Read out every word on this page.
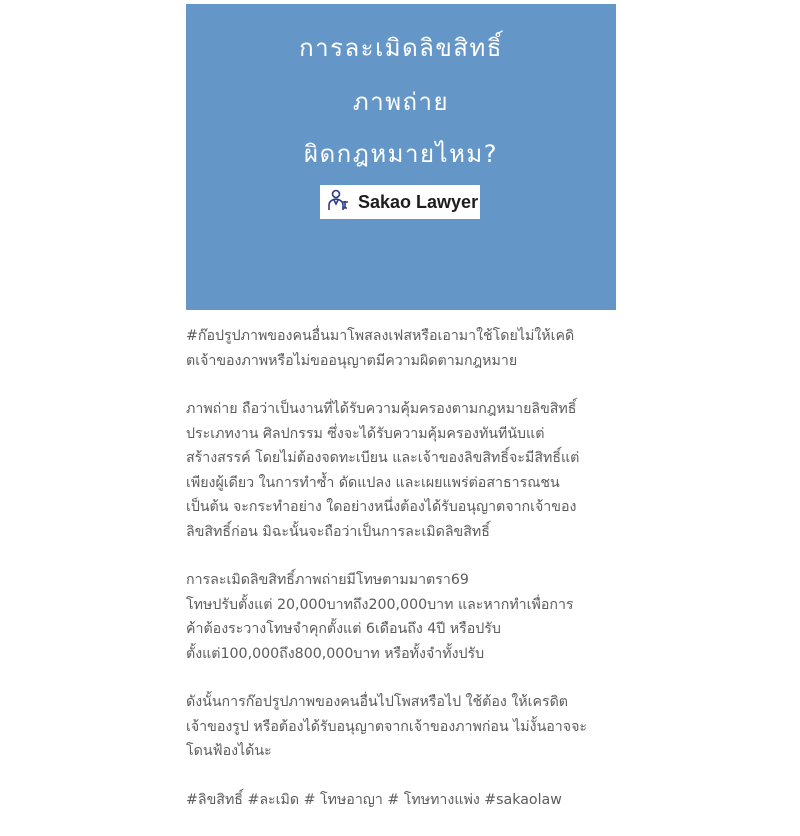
การละเมิดลิขสิทธิ์
ภาพถ่าย
ผิดกฎหมายไหม?
Sakao Lawyer

#ก๊อปรูปภาพของคนอื่นมาโพสลงเฟสหรือเอามาใช้โดยไม่ให้เคดิ
ตเจ้าของภาพหรือไม่ขออนุญาตมีความผิดตามกฎหมาย

ภาพถ่าย ถือว่าเป็นงานที่ได้รับความคุ้มครองตามกฎหมายลิขสิทธิ์
ประเภทงาน ศิลปกรรม ซึ่งจะได้รับความคุ้มครองทันทีนับแต่
สร้างสรรค์ โดยไม่ต้องจดทะเบียน และเจ้าของลิขสิทธิ์จะมีสิทธิ์แต่
เพียงผู้เดียว ในการทำซ้ำ ดัดแปลง และเผยแพร่ต่อสาธารณชน
เป็นต้น จะกระทำอย่าง ใดอย่างหนึ่งต้องได้รับอนุญาตจากเจ้าของ
ลิขสิทธิ์ก่อน มิฉะนั้นจะถือว่าเป็นการละเมิดลิขสิทธิ์

การละเมิดลิขสิทธิ์ภาพถ่ายมีโทษตามมาตรา69
โทษปรับตั้งแต่ 20,000บาทถึง200,000บาท และหากทำเพื่อการ
ค้าต้องระวางโทษจำคุกตั้งแต่ 6เดือนถึง 4ปี หรือปรับ
ตั้งแต่100,000ถึง800,000บาท หรือทั้งจำทั้งปรับ

ดังนั้นการก๊อปรูปภาพของคนอื่นไปโพสหรือไป ใช้ต้อง ให้เครดิต
เจ้าของรูป หรือต้องได้รับอนุญาตจากเจ้าของภาพก่อน ไม่งั้นอาจจะ
โดนฟ้องได้นะ

#ลิขสิทธิ์ #ละเมิด # โทษอาญา # โทษทางแพ่ง #sakaolaw
